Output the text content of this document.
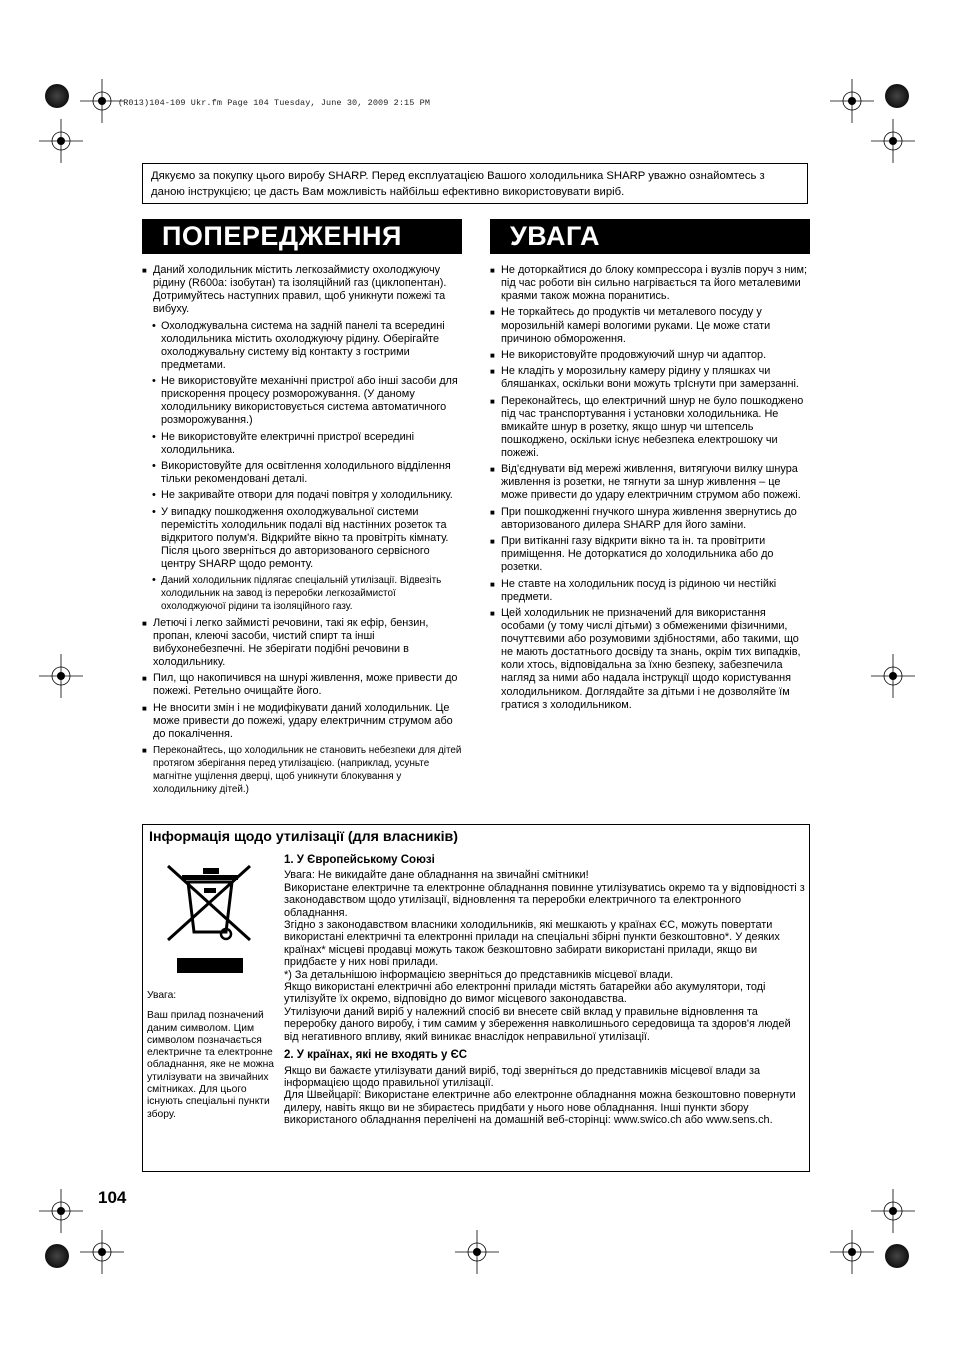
(R013)104-109 Ukr.fm Page 104 Tuesday, June 30, 2009 2:15 PM
Дякуємо за покупку цього виробу SHARP. Перед експлуатацією Вашого холодильника SHARP уважно ознайомтесь з даною інструкцією; це дасть Вам можливість найбільш ефективно використовувати виріб.
ПОПЕРЕДЖЕННЯ	УВАГА

■ Даний холодильник містить легкозаймисту охолоджуючу рідину (R600a: ізобутан) та ізоляційний газ (циклопентан). Дотримуйтесь наступних правил, щоб уникнути пожежі та вибуху.

• Охолоджувальна система на задній панелі та всередині холодильника містить охолоджуючу рідину. Оберігайте охолоджувальну систему від контакту з гострими предметами.

• Не використовуйте механічні пристрої або інші засоби для прискорення процесу розморожування. (У даному холодильнику використовується система автоматичного розморожування.)

• Не використовуйте електричні пристрої всередині холодильника.

• Використовуйте для освітлення холодильного відділення тільки рекомендовані деталі.

• Не закривайте отвори для подачі повітря у холодильнику.

• У випадку пошкодження охолоджувальної системи перемістіть холодильник подалі від настінних розеток та відкритого полум'я. Відкрийте вікно та провітріть кімнату. Після цього зверніться до авторизованого сервісного центру SHARP щодо ремонту.

• Даний холодильник підлягає спеціальній утилізації. Відвезіть холодильник на завод із переробки легкозаймистої охолоджуючої рідини та ізоляційного газу.

■ Летючі і легко займисті речовини, такі як ефір, бензин, пропан, клеючі засоби, чистий спирт та інші вибухонебезпечні. Не зберігати подібні речовини в холодильнику.

■ Пил, що накопичився на шнурі живлення, може привести до пожежі. Ретельно очищайте його.

■ Не вносити змін і не модифікувати даний холодильник. Це може привести до пожежі, удару електричним струмом або до покалічення.

■ Переконайтесь, що холодильник не становить небезпеки для дітей протягом зберігання перед утилізацією. (наприклад, усуньте магнітне ущілення дверці, щоб уникнути блокування у холодильнику дітей.)

■ Не доторкайтися до блоку компрессора і вузлів поруч з ним; під час роботи він сильно нагрівається та його металевими краями також можна поранитись.

■ Не торкайтесь до продуктів чи металевого посуду у морозильній камері вологими руками. Це може стати причиною обмороження.

■ Не використовуйте продовжуючий шнур чи адаптор.

■ Не кладіть у морозильну камеру рідину у пляшках чи бляшанках, оскільки вони можуть трІснути при замерзанні.

■ Переконайтесь, що електричний шнур не було пошкоджено під час транспортування і установки холодильника. Не вмикайте шнур в розетку, якщо шнур чи штепсель пошкоджено, оскільки існує небезпека електрошоку чи пожежі.

■ Від'єднувати від мережі живлення, витягуючи вилку шнура живлення із розетки, не тягнути за шнур живлення – це може привести до удару електричним струмом або пожежі.

■ При пошкодженні гнучкого шнура живлення звернутись до авторизованого дилера SHARP для його заміни.

■ При витіканні газу відкрити вікно та ін. та провітрити приміщення. Не доторкатися до холодильника або до розетки.

■ Не ставте на холодильник посуд із рідиною чи нестійкі предмети.

■ Цей холодильник не призначений для використання особами (у тому числі дітьми) з обмеженими фізичними, почуттєвими або розумовими здібностями, або такими, що не мають достатнього досвіду та знань, окрім тих випадків, коли хтось, відповідальна за їхню безпеку, забезпечила нагляд за ними або надала інструкції щодо користування холодильником. Доглядайте за дітьми і не дозволяйте їм гратися з холодильником.

Інформація щодо утилізації (для власників)

Увага:

Ваш прилад позначений даним символом. Цим символом позначається електричне та електронне обладнання, яке не можна утилізувати на звичайних смітниках. Для цього існують спеціальні пункти збору.

1. У Європейському Союзі

Увага: Не викидайте дане обладнання на звичайні смітники!

Використане електричне та електронне обладнання повинне утилізуватись окремо та у відповідності з законодавством щодо утилізації, відновлення та переробки електричного та електронного обладнання.

Згідно з законодавством власники холодильників, які мешкають у країнах ЄС, можуть повертати використані електричні та електронні прилади на спеціальні збірні пункти безкоштовно*. У деяких країнах* місцеві продавці можуть також безкоштовно забирати використані прилади, якщо ви придбаєте у них нові прилади.

*) За детальнішою інформацією зверніться до представників місцевої влади.

Якщо використані електричні або електронні прилади містять батарейки або акумулятори, тоді утилізуйте їх окремо, відповідно до вимог місцевого законодавства.

Утилізуючи даний виріб у належний спосіб ви внесете свій вклад у правильне відновлення та переробку даного виробу, і тим самим у збереження навколишнього середовища та здоров'я людей від негативного впливу, який виникає внаслідок неправильної утилізації.

2. У країнах, які не входять у ЄС

Якщо ви бажаєте утилізувати даний виріб, тоді зверніться до представників місцевої влади за інформацією щодо правильної утилізації.

Для Швейцарії: Використане електричне або електронне обладнання можна безкоштовно повернути дилеру, навіть якщо ви не збираєтесь придбати у нього нове обладнання. Інші пункти збору використаного обладнання перелічені на домашній веб-сторінці: www.swico.ch або www.sens.ch.

104
